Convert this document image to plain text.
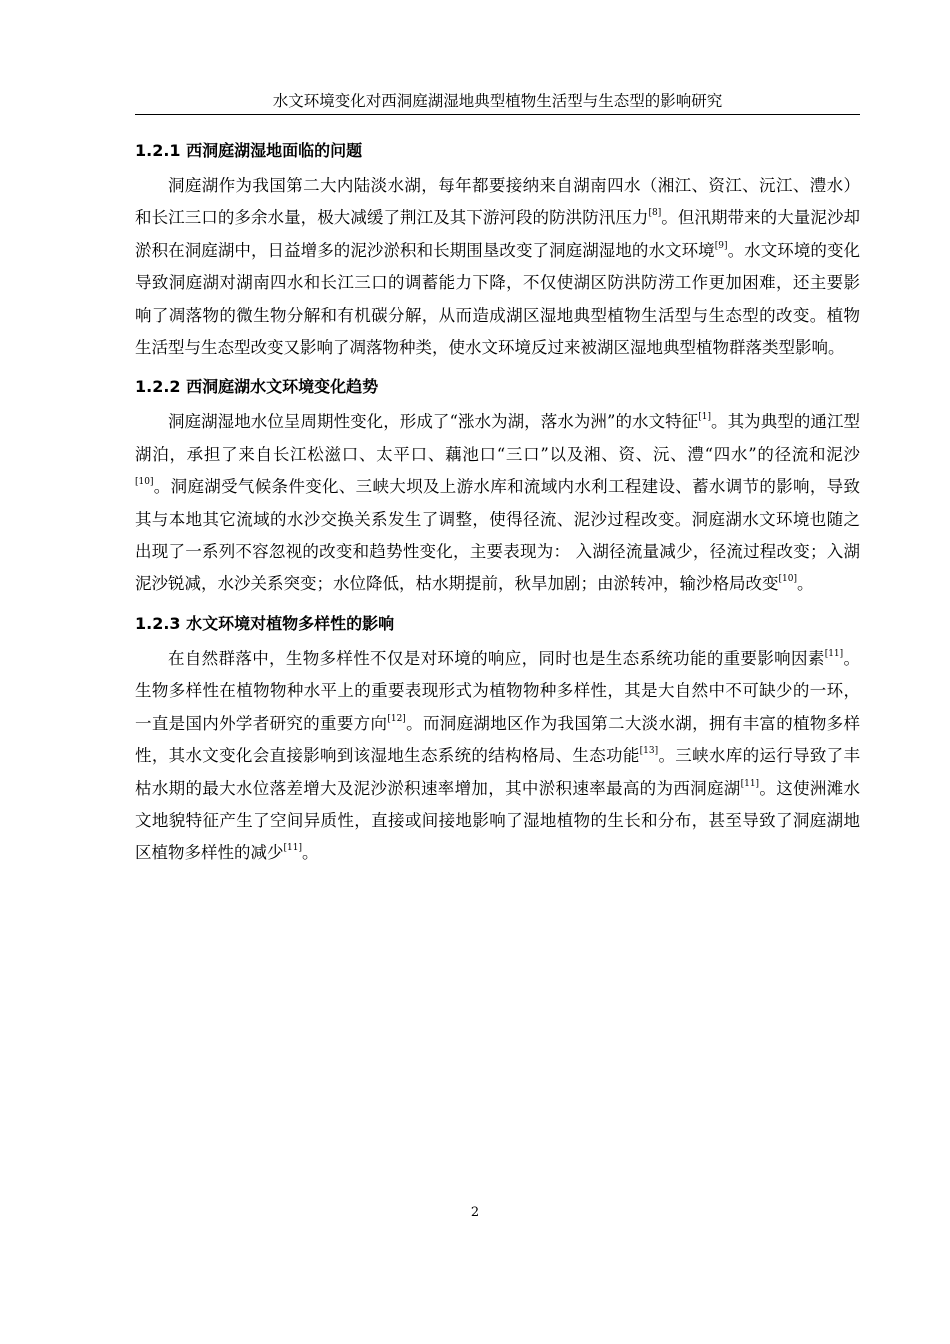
水文环境变化对西洞庭湖湿地典型植物生活型与生态型的影响研究
1.2.1 西洞庭湖湿地面临的问题

洞庭湖作为我国第二大内陆淡水湖，每年都要接纳来自湖南四水（湘江、资江、沅江、澧水）和长江三口的多余水量，极大减缓了荆江及其下游河段的防洪防汛压力[8]。但汛期带来的大量泥沙却淤积在洞庭湖中，日益增多的泥沙淤积和长期围垦改变了洞庭湖湿地的水文环境[9]。水文环境的变化导致洞庭湖对湖南四水和长江三口的调蓄能力下降，不仅使湖区防洪防涝工作更加困难，还主要影响了凋落物的微生物分解和有机碳分解，从而造成湖区湿地典型植物生活型与生态型的改变。植物生活型与生态型改变又影响了凋落物种类，使水文环境反过来被湖区湿地典型植物群落类型影响。

1.2.2 西洞庭湖水文环境变化趋势

洞庭湖湿地水位呈周期性变化，形成了“涨水为湖，落水为洲”的水文特征[1]。其为典型的通江型湖泊，承担了来自长江松滋口、太平口、藕池口“三口”以及湘、资、沅、澧“四水”的径流和泥沙[10]。洞庭湖受气候条件变化、三峡大坝及上游水库和流域内水利工程建设、蓄水调节的影响，导致其与本地其它流域的水沙交换关系发生了调整，使得径流、泥沙过程改变。洞庭湖水文环境也随之出现了一系列不容忽视的改变和趋势性变化，主要表现为： 入湖径流量减少，径流过程改变；入湖泥沙锐减，水沙关系突变；水位降低，枯水期提前，秋旱加剧；由淤转冲，输沙格局改变[10]。

1.2.3 水文环境对植物多样性的影响

在自然群落中，生物多样性不仅是对环境的响应，同时也是生态系统功能的重要影响因素[11]。生物多样性在植物物种水平上的重要表现形式为植物物种多样性，其是大自然中不可缺少的一环，一直是国内外学者研究的重要方向[12]。而洞庭湖地区作为我国第二大淡水湖，拥有丰富的植物多样性，其水文变化会直接影响到该湿地生态系统的结构格局、生态功能[13]。三峡水库的运行导致了丰枯水期的最大水位落差增大及泥沙淤积速率增加，其中淤积速率最高的为西洞庭湖[11]。这使洲滩水文地貌特征产生了空间异质性，直接或间接地影响了湿地植物的生长和分布，甚至导致了洞庭湖地区植物多样性的减少[11]。

2
